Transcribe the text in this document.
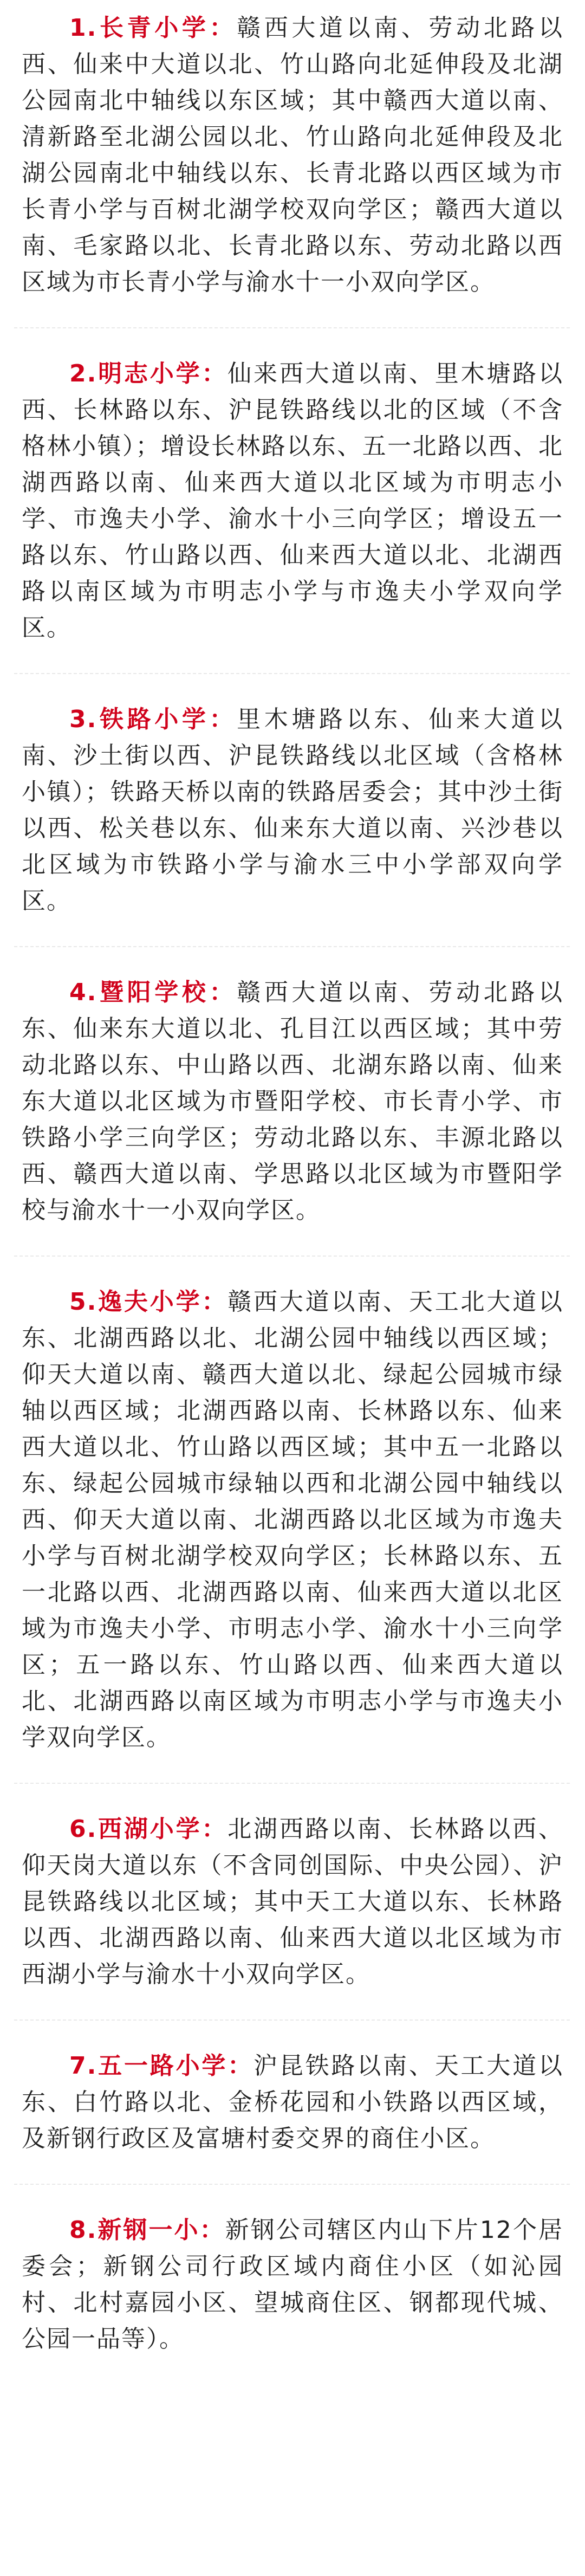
1.长青小学：赣西大道以南、劳动北路以西、仙来中大道以北、竹山路向北延伸段及北湖公园南北中轴线以东区域；其中赣西大道以南、清新路至北湖公园以北、竹山路向北延伸段及北湖公园南北中轴线以东、长青北路以西区域为市长青小学与百树北湖学校双向学区；赣西大道以南、毛家路以北、长青北路以东、劳动北路以西区域为市长青小学与渝水十一小双向学区。

2.明志小学：仙来西大道以南、里木塘路以西、长林路以东、沪昆铁路线以北的区域（不含格林小镇）；增设长林路以东、五一北路以西、北湖西路以南、仙来西大道以北区域为市明志小学、市逸夫小学、渝水十小三向学区；增设五一路以东、竹山路以西、仙来西大道以北、北湖西路以南区域为市明志小学与市逸夫小学双向学区。

3.铁路小学：里木塘路以东、仙来大道以南、沙土街以西、沪昆铁路线以北区域（含格林小镇）；铁路天桥以南的铁路居委会；其中沙土街以西、松关巷以东、仙来东大道以南、兴沙巷以北区域为市铁路小学与渝水三中小学部双向学区。

4.暨阳学校：赣西大道以南、劳动北路以东、仙来东大道以北、孔目江以西区域；其中劳动北路以东、中山路以西、北湖东路以南、仙来东大道以北区域为市暨阳学校、市长青小学、市铁路小学三向学区；劳动北路以东、丰源北路以西、赣西大道以南、学思路以北区域为市暨阳学校与渝水十一小双向学区。

5.逸夫小学：赣西大道以南、天工北大道以东、北湖西路以北、北湖公园中轴线以西区域；仰天大道以南、赣西大道以北、绿起公园城市绿轴以西区域；北湖西路以南、长林路以东、仙来西大道以北、竹山路以西区域；其中五一北路以东、绿起公园城市绿轴以西和北湖公园中轴线以西、仰天大道以南、北湖西路以北区域为市逸夫小学与百树北湖学校双向学区；长林路以东、五一北路以西、北湖西路以南、仙来西大道以北区域为市逸夫小学、市明志小学、渝水十小三向学区；五一路以东、竹山路以西、仙来西大道以北、北湖西路以南区域为市明志小学与市逸夫小学双向学区。

6.西湖小学：北湖西路以南、长林路以西、仰天岗大道以东（不含同创国际、中央公园）、沪昆铁路线以北区域；其中天工大道以东、长林路以西、北湖西路以南、仙来西大道以北区域为市西湖小学与渝水十小双向学区。

7.五一路小学：沪昆铁路以南、天工大道以东、白竹路以北、金桥花园和小铁路以西区域，及新钢行政区及富塘村委交界的商住小区。

8.新钢一小：新钢公司辖区内山下片12个居委会；新钢公司行政区域内商住小区（如沁园村、北村嘉园小区、望城商住区、钢都现代城、公园一品等）。
